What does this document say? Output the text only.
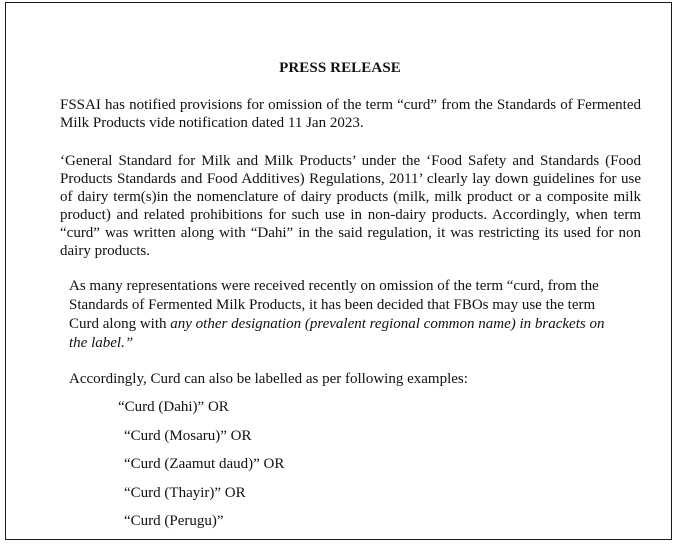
PRESS RELEASE

FSSAI has notified provisions for omission of the term “curd” from the Standards of Fermented Milk Products vide notification dated 11 Jan 2023.

‘General Standard for Milk and Milk Products’ under the ‘Food Safety and Standards (Food Products Standards and Food Additives) Regulations, 2011’ clearly lay down guidelines for use of dairy term(s)in the nomenclature of dairy products (milk, milk product or a composite milk product) and related prohibitions for such use in non-dairy products. Accordingly, when term “curd” was written along with “Dahi” in the said regulation, it was restricting its used for non dairy products.

As many representations were received recently on omission of the term “curd, from the Standards of Fermented Milk Products, it has been decided that FBOs may use the term Curd along with any other designation (prevalent regional common name) in brackets on the label.”

Accordingly, Curd can also be labelled as per following examples:
“Curd (Dahi)” OR
“Curd (Mosaru)” OR
“Curd (Zaamut daud)” OR
“Curd (Thayir)” OR
“Curd (Perugu)”
